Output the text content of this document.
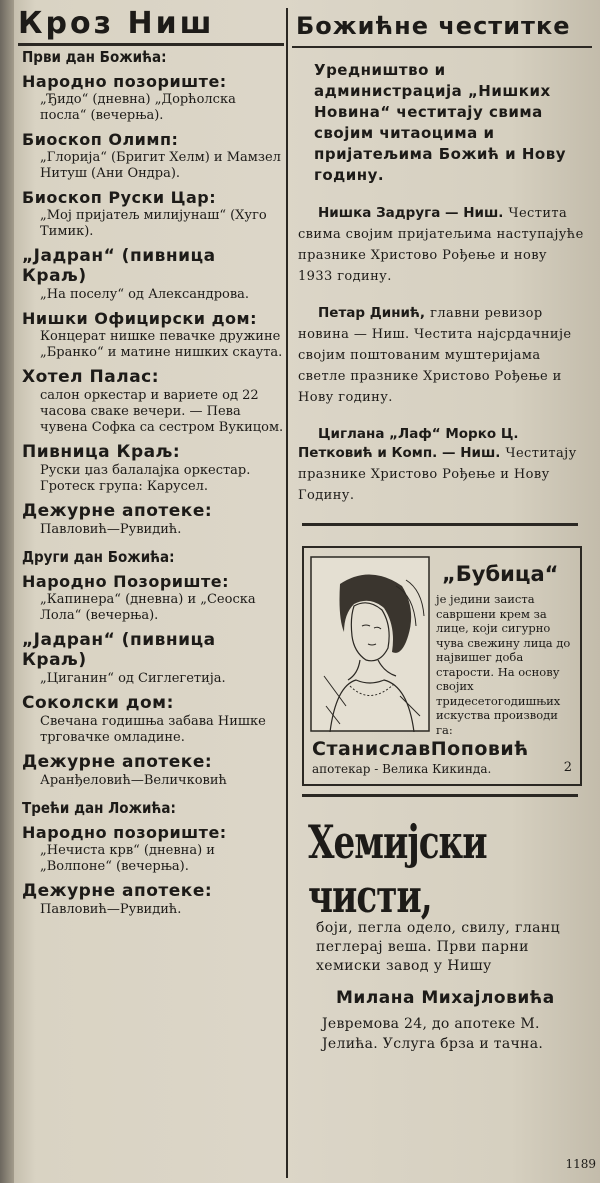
Кроз Ниш
Први дан Божића:
Народно позориште:
„Ђидо“ (дневна) „Дорћолска посла“ (вечерња).
Биоскоп Олимп:
„Глорија“ (Бригит Хелм) и Мамзел Нитуш (Ани Ондра).
Биоскоп Руски Цар:
„Мој пријатељ милијунаш“ (Хуго Тимик).
„Јадран“ (пивница Краљ)
„На поселу“ од Александрова.
Нишки Официрски дом:
Концерат нишке певачке дружине „Бранко“ и матине нишких скаута.
Хотел Палас:
салон оркестар и вариете од 22 часова сваке вечери. — Пева чувена Софка са сестром Вукицом.
Пивница Краљ:
Руски џаз балалајка оркестар. Гротеск група: Карусел.
Дежурне апотеке:
Павловић—Рувидић.
Други дан Божића:
Народно Позориште:
„Капинера“ (дневна) и „Сеоска Лола“ (вечерња).
„Јадран“ (пивница Краљ)
„Циганин“ од Сиглегетија.
Соколски дом:
Свечана годишња забава Нишке трговачке омладине.
Дежурне апотеке:
Аранђеловић—Величковић
Трећи дан Ложића:
Народно позориште:
„Нечиста крв“ (дневна) и „Волпоне“ (вечерња).
Дежурне апотеке:
Павловић—Рувидић.
Божићне честитке
Уредништво и администрација „Нишких Новина“ честитају свима својим читаоцима и пријатељима Божић и Нову годину.
Нишкa Задруга — Ниш. Честита свима својим пријатељима наступајуће празнике Христово Рођење и нову 1933 годину.
Петар Динић, главни ревизор новина — Ниш. Честита најсрдачније својим поштованим муштеријама светле празнике Христово Рођење и Нову годину.
Циглана „Лаф“ Морко Ц. Петковић и Комп. — Ниш. Честитају празнике Христово Рођење и Нову Годину.
„Бубица“
је једини заиста савршени крем за лице, који сигурно чува свежину лица до највишег доба старости. На основу својих тридесетогодишњих искуства производи га:
СтаниславПоповић
апотекар - Велика Кикинда.	2
Хемијски чисти,
боји, пегла одело, свилу, гланц пеглерај веша. Први парни хемиски завод у Нишу
Милана Михајловића
Јевремова 24, до апотеке М. Јелића. Услуга брза и тачна.
1189
